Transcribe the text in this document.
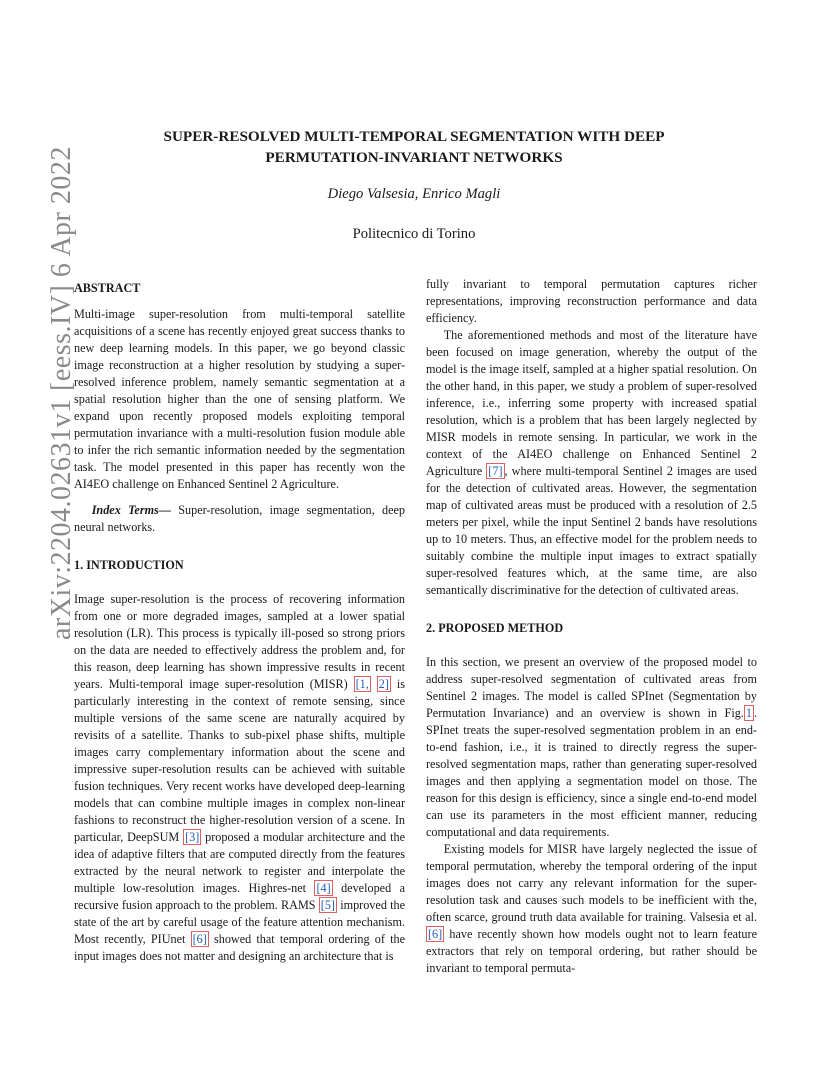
SUPER-RESOLVED MULTI-TEMPORAL SEGMENTATION WITH DEEP
PERMUTATION-INVARIANT NETWORKS
Diego Valsesia, Enrico Magli
Politecnico di Torino
arXiv:2204.02631v1 [eess.IV] 6 Apr 2022

ABSTRACT

Multi-image super-resolution from multi-temporal satellite acquisitions of a scene has recently enjoyed great success thanks to new deep learning models. In this paper, we go beyond classic image reconstruction at a higher resolution by studying a super-resolved inference problem, namely semantic segmentation at a spatial resolution higher than the one of sensing platform. We expand upon recently proposed models exploiting temporal permutation invariance with a multi-resolution fusion module able to infer the rich semantic information needed by the segmentation task. The model presented in this paper has recently won the AI4EO challenge on Enhanced Sentinel 2 Agriculture.

Index Terms— Super-resolution, image segmentation, deep neural networks.

1. INTRODUCTION

Image super-resolution is the process of recovering information from one or more degraded images, sampled at a lower spatial resolution (LR). This process is typically ill-posed so strong priors on the data are needed to effectively address the problem and, for this reason, deep learning has shown impressive results in recent years. Multi-temporal image super-resolution (MISR) [1, 2] is particularly interesting in the context of remote sensing, since multiple versions of the same scene are naturally acquired by revisits of a satellite. Thanks to sub-pixel phase shifts, multiple images carry complementary information about the scene and impressive super-resolution results can be achieved with suitable fusion techniques. Very recent works have developed deep-learning models that can combine multiple images in complex non-linear fashions to reconstruct the higher-resolution version of a scene. In particular, DeepSUM [3] proposed a modular architecture and the idea of adaptive filters that are computed directly from the features extracted by the neural network to register and interpolate the multiple low-resolution images. Highres-net [4] developed a recursive fusion approach to the problem. RAMS [5] improved the state of the art by careful usage of the feature attention mechanism. Most recently, PIUnet [6] showed that temporal ordering of the input images does not matter and designing an architecture that is

fully invariant to temporal permutation captures richer representations, improving reconstruction performance and data efficiency.

The aforementioned methods and most of the literature have been focused on image generation, whereby the output of the model is the image itself, sampled at a higher spatial resolution. On the other hand, in this paper, we study a problem of super-resolved inference, i.e., inferring some property with increased spatial resolution, which is a problem that has been largely neglected by MISR models in remote sensing. In particular, we work in the context of the AI4EO challenge on Enhanced Sentinel 2 Agriculture [7] , where multi-temporal Sentinel 2 images are used for the detection of cultivated areas. However, the segmentation map of cultivated areas must be produced with a resolution of 2.5 meters per pixel, while the input Sentinel 2 bands have resolutions up to 10 meters. Thus, an effective model for the problem needs to suitably combine the multiple input images to extract spatially super-resolved features which, at the same time, are also semantically discriminative for the detection of cultivated areas.

2. PROPOSED METHOD

In this section, we present an overview of the proposed model to address super-resolved segmentation of cultivated areas from Sentinel 2 images. The model is called SPInet (Segmentation by Permutation Invariance) and an overview is shown in Fig. 1 . SPInet treats the super-resolved segmentation problem in an end-to-end fashion, i.e., it is trained to directly regress the super-resolved segmentation maps, rather than generating super-resolved images and then applying a segmentation model on those. The reason for this design is efficiency, since a single end-to-end model can use its parameters in the most efficient manner, reducing computational and data requirements.

Existing models for MISR have largely neglected the issue of temporal permutation, whereby the temporal ordering of the input images does not carry any relevant information for the super-resolution task and causes such models to be inefficient with the, often scarce, ground truth data available for training. Valsesia et al. [6] have recently shown how models ought not to learn feature extractors that rely on temporal ordering, but rather should be invariant to temporal permuta-
